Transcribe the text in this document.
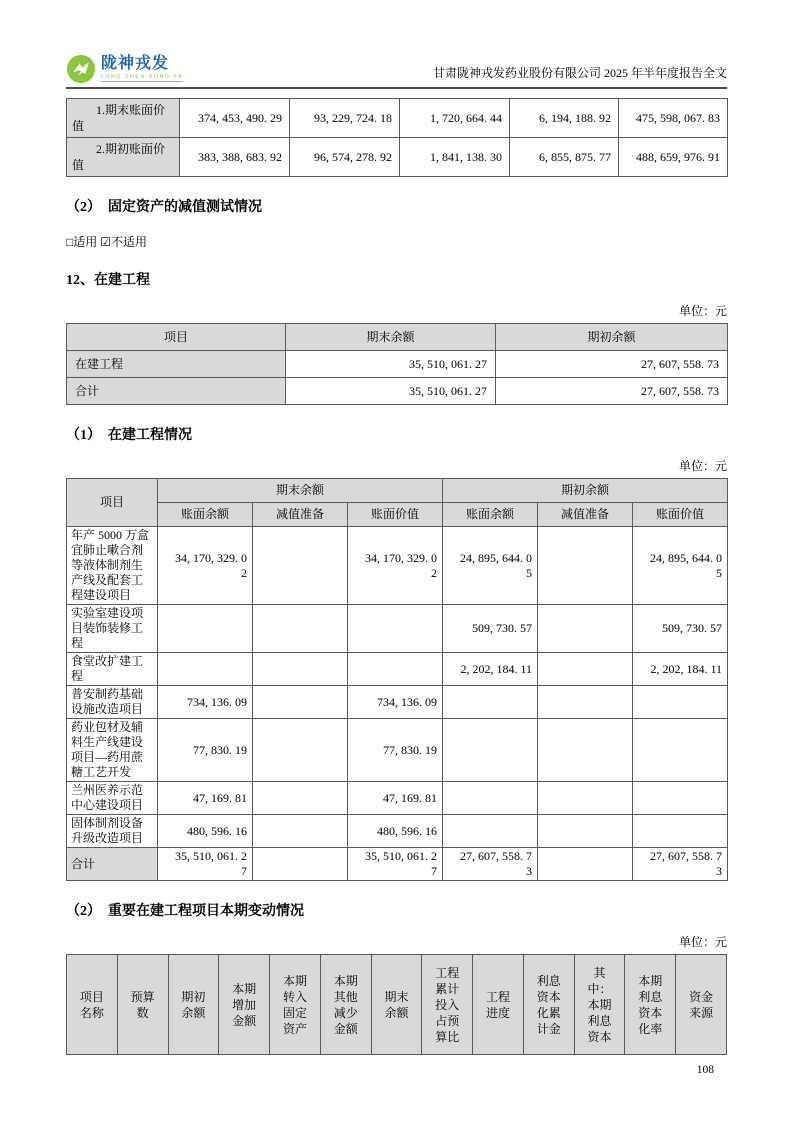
陇神戎发
LONG SHEN RONG FA	甘肃陇神戎发药业股份有限公司 2025 年半年度报告全文
1.期末账面价值	374, 453, 490. 29	93, 229, 724. 18	1, 720, 664. 44	6, 194, 188. 92	475, 598, 067. 83
2.期初账面价值	383, 388, 683. 92	96, 574, 278. 92	1, 841, 138. 30	6, 855, 875. 77	488, 659, 976. 91
（2）　固定资产的减值测试情况

□适用 ☑不适用

12、在建工程
单位：元
项目	期末余额	期初余额
在建工程	35, 510, 061. 27	27, 607, 558. 73
合计	35, 510, 061. 27	27, 607, 558. 73
（1）　在建工程情况
单位：元
项目	期末余额			期初余额		
	账面余额	减值准备	账面价值	账面余额	减值准备	账面价值
年产 5000 万盒宜肺止嗽合剂等液体制剂生产线及配套工程建设项目	34, 170, 329. 02		34, 170, 329. 02	24, 895, 644. 05		24, 895, 644. 05
实验室建设项目装饰装修工程				509, 730. 57		509, 730. 57
食堂改扩建工程				2, 202, 184. 11		2, 202, 184. 11
普安制药基础设施改造项目	734, 136. 09		734, 136. 09			
药业包材及辅料生产线建设项目—药用蔗糖工艺开发	77, 830. 19		77, 830. 19			
兰州医养示范中心建设项目	47, 169. 81		47, 169. 81			
固体制剂设备升级改造项目	480, 596. 16		480, 596. 16			
合计	35, 510, 061. 27		35, 510, 061. 27	27, 607, 558. 73		27, 607, 558. 73
（2）　重要在建工程项目本期变动情况
单位：元
项目名称	预算数	期初余额	本期增加金额	本期转入固定资产	本期其他减少金额	期末余额	工程累计投入占预算比	工程进度	利息资本化累计金	其中：本期利息资本	本期利息资本化率	资金来源
108
